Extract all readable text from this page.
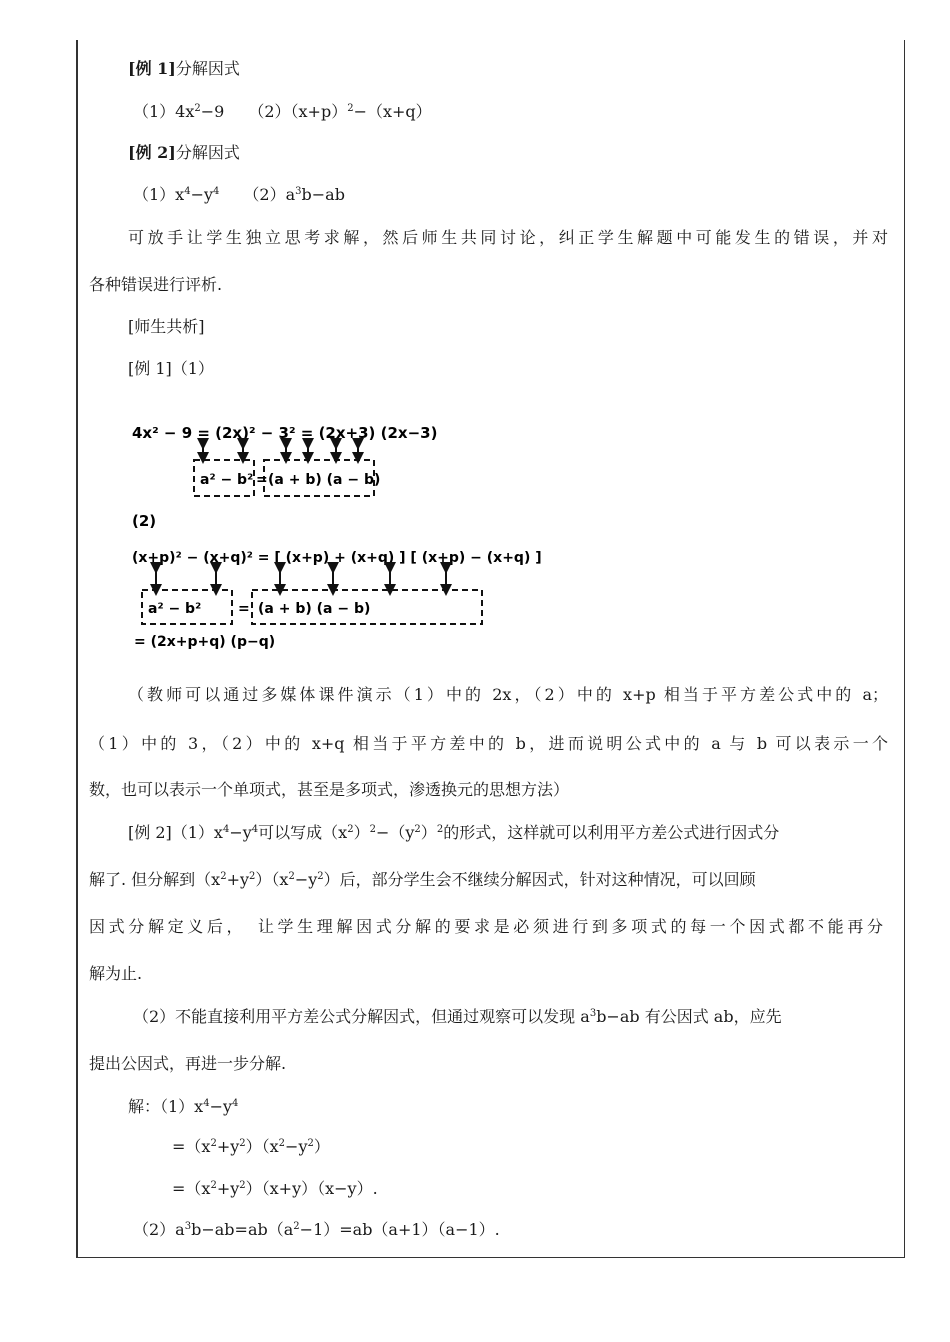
[例 1]分解因式
$(1)4x^2-9$　　$(2)(x+p)^2-(x+q)$
[例 2]分解因式
$(1)x^4-y^4$　　$(2)a^3b-ab$
可放手让学生独立思考求解，然后师生共同讨论，纠正学生解题中可能发生的错误，并对
各种错误进行评析.
[师生共析]
[例 1]（1）
4x² − 9 = (2x)² − 3² = (2x+3) (2x−3)
a² − b² = (a + b) (a − b)
(2)
(x+p)² − (x+q)² = [ (x+p) + (x+q) ] [ (x+p) − (x+q) ]
a² − b²	= (a + b) (a − b)
= (2x+p+q) (p−q)
（教师可以通过多媒体课件演示（1）中的 2x，（2）中的 x+p 相当于平方差公式中的 a；
（1）中的 3，（2）中的 x+q 相当于平方差中的 b，进而说明公式中的 a 与 b 可以表示一个
数，也可以表示一个单项式，甚至是多项式，渗透换元的思想方法）
[例 $2](1)x^4-y^4$可以写成$(x^2)^2-(y^2)^2$的形式，这样就可以利用平方差公式进行因式分
解了. 但分解到$(x^2+y^2)(x^2-y^2)$后，部分学生会不继续分解因式，针对这种情况，可以回顾
因式分解定义后，　让学生理解因式分解的要求是必须进行到多项式的每一个因式都不能再分
解为止.
（2）不能直接利用平方差公式分解因式，但通过观察可以发现 $a^3b-ab$ 有公因式 ab，应先
提出公因式，再进一步分解.
解：$(1)x^4-y^4$
$=(x^2+y^2)(x^2-y^2)$
$=(x^2+y^2)(x+y)(x-y)$.
$(2)a^3b-ab=ab(a^2-1)=ab(a+1)(a-1)$.
